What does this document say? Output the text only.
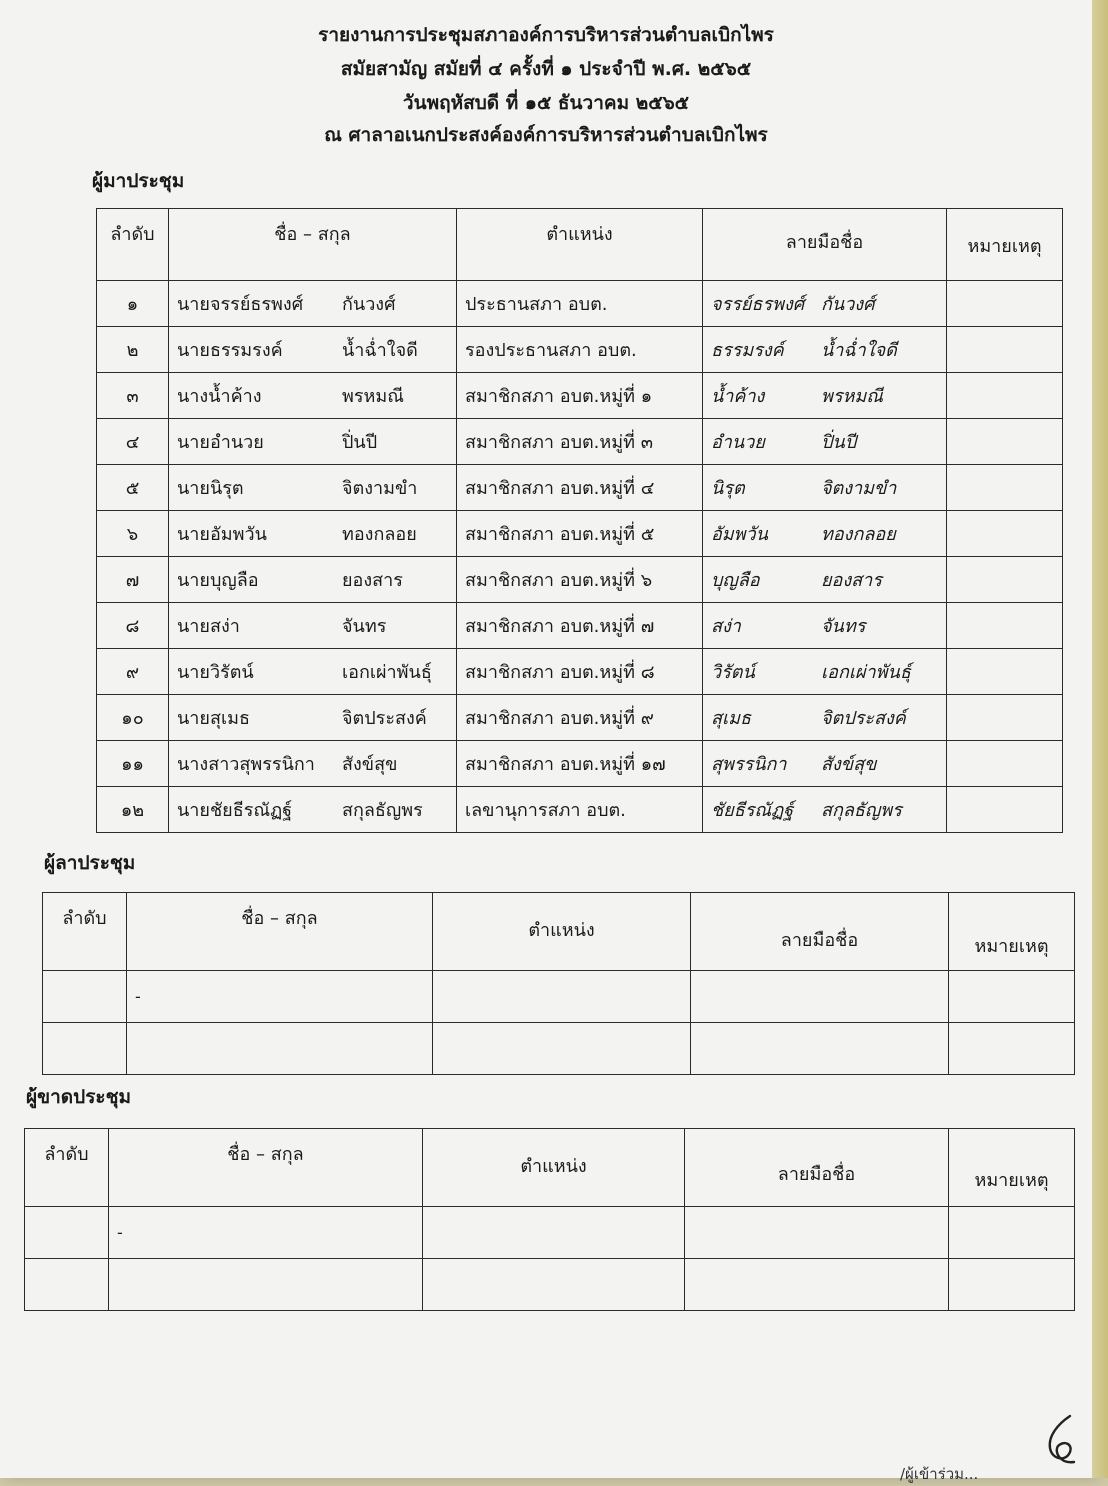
รายงานการประชุมสภาองค์การบริหารส่วนตำบลเบิกไพร
สมัยสามัญ สมัยที่ ๔ ครั้งที่ ๑ ประจำปี พ.ศ. ๒๕๖๕
วันพฤหัสบดี ที่ ๑๕ ธันวาคม ๒๕๖๕
ณ ศาลาอเนกประสงค์องค์การบริหารส่วนตำบลเบิกไพร
ผู้มาประชุม
ลำดับ	ชื่อ – สกุล	ตำแหน่ง	ลายมือชื่อ	หมายเหตุ
๑	นายจรรย์ธรพงศ์ กันวงศ์	ประธานสภา อบต.	จรรย์ธรพงศ์ กันวงศ์	
๒	นายธรรมรงค์ น้ำฉ่ำใจดี	รองประธานสภา อบต.	ธรรมรงค์ น้ำฉ่ำใจดี	
๓	นางน้ำค้าง พรหมณี	สมาชิกสภา อบต.หมู่ที่ ๑	น้ำค้าง พรหมณี	
๔	นายอำนวย ปิ่นปี	สมาชิกสภา อบต.หมู่ที่ ๓	อำนวย ปิ่นปี	
๕	นายนิรุต จิตงามขำ	สมาชิกสภา อบต.หมู่ที่ ๔	นิรุต จิตงามขำ	
๖	นายอัมพวัน ทองกลอย	สมาชิกสภา อบต.หมู่ที่ ๕	อัมพวัน ทองกลอย	
๗	นายบุญลือ ยองสาร	สมาชิกสภา อบต.หมู่ที่ ๖	บุญลือ ยองสาร	
๘	นายสง่า จันทร	สมาชิกสภา อบต.หมู่ที่ ๗	สง่า จันทร	
๙	นายวิรัตน์ เอกเผ่าพันธุ์	สมาชิกสภา อบต.หมู่ที่ ๘	วิรัตน์ เอกเผ่าพันธุ์	
๑๐	นายสุเมธ จิตประสงค์	สมาชิกสภา อบต.หมู่ที่ ๙	สุเมธ จิตประสงค์	
๑๑	นางสาวสุพรรนิกา สังข์สุข	สมาชิกสภา อบต.หมู่ที่ ๑๗	สุพรรนิกา สังข์สุข	
๑๒	นายชัยธีรณัฏฐ์ สกุลธัญพร	เลขานุการสภา อบต.	ชัยธีรณัฏฐ์ สกุลธัญพร	
ผู้ลาประชุม
ลำดับ	ชื่อ – สกุล	ตำแหน่ง	ลายมือชื่อ	หมายเหตุ
	-			

ผู้ขาดประชุม
ลำดับ	ชื่อ – สกุล	ตำแหน่ง	ลายมือชื่อ	หมายเหตุ
	-			

/ผู้เข้าร่วม...
